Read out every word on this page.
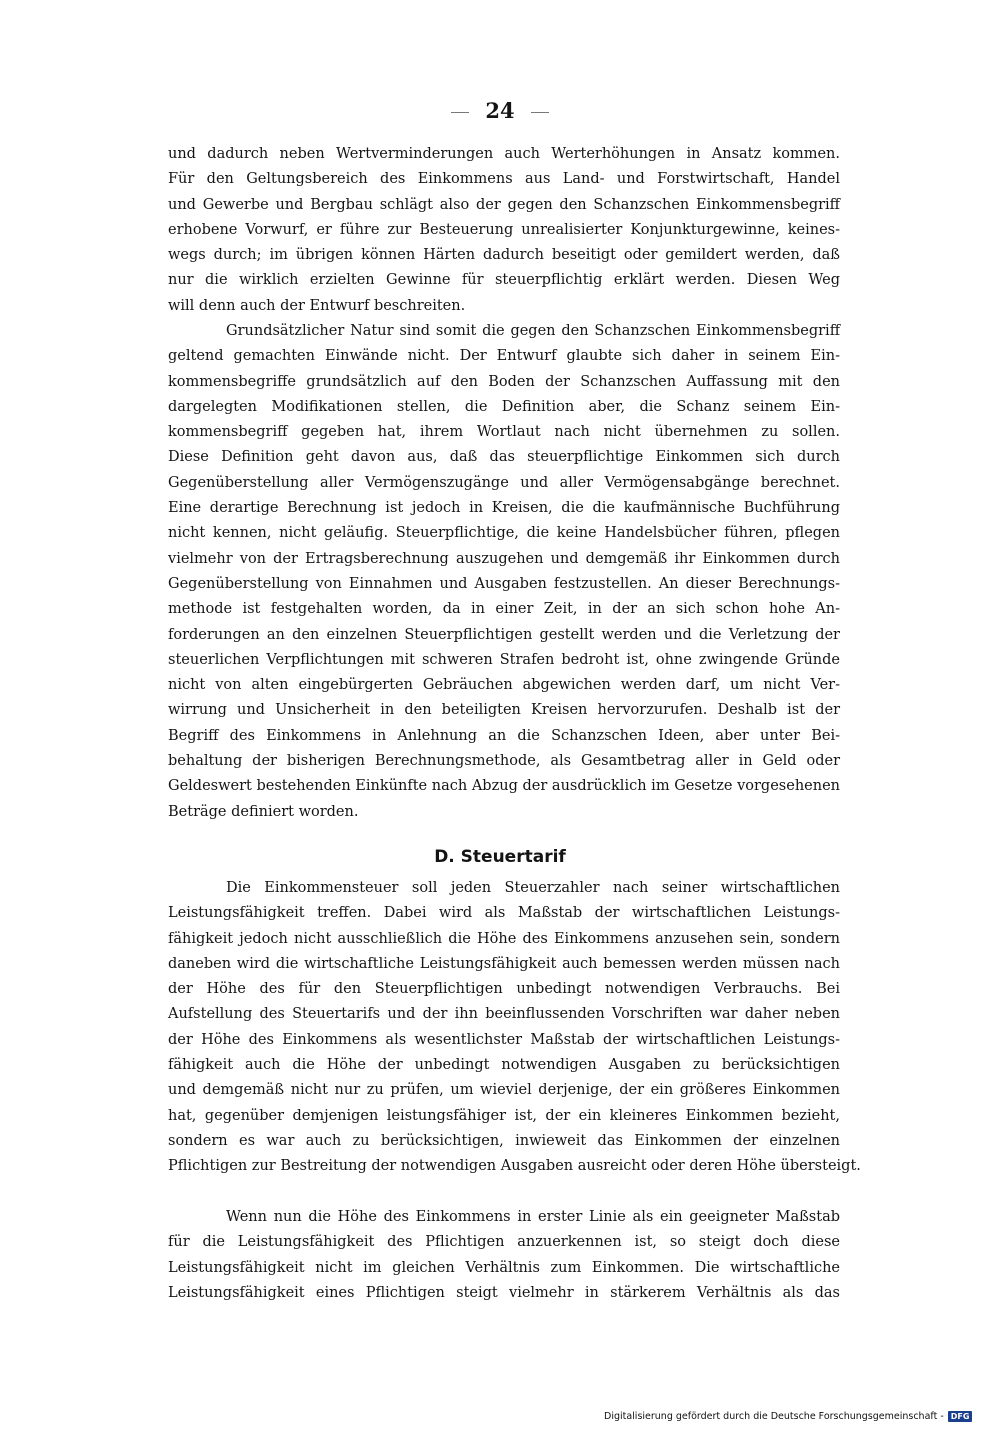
24
und dadurch neben Wertverminderungen auch Werterhöhungen in Ansatz kommen.
Für den Geltungsbereich des Einkommens aus Land- und Forstwirtschaft, Handel
und Gewerbe und Bergbau schlägt also der gegen den Schanzschen Einkommensbegriff
erhobene Vorwurf, er führe zur Besteuerung unrealisierter Konjunkturgewinne, keines-
wegs durch; im übrigen können Härten dadurch beseitigt oder gemildert werden, daß
nur die wirklich erzielten Gewinne für steuerpflichtig erklärt werden. Diesen Weg
will denn auch der Entwurf beschreiten.
Grundsätzlicher Natur sind somit die gegen den Schanzschen Einkommensbegriff
geltend gemachten Einwände nicht. Der Entwurf glaubte sich daher in seinem Ein-
kommensbegriffe grundsätzlich auf den Boden der Schanzschen Auffassung mit den
dargelegten Modifikationen stellen, die Definition aber, die Schanz seinem Ein-
kommensbegriff gegeben hat, ihrem Wortlaut nach nicht übernehmen zu sollen.
Diese Definition geht davon aus, daß das steuerpflichtige Einkommen sich durch
Gegenüberstellung aller Vermögenszugänge und aller Vermögensabgänge berechnet.
Eine derartige Berechnung ist jedoch in Kreisen, die die kaufmännische Buchführung
nicht kennen, nicht geläufig. Steuerpflichtige, die keine Handelsbücher führen, pflegen
vielmehr von der Ertragsberechnung auszugehen und demgemäß ihr Einkommen durch
Gegenüberstellung von Einnahmen und Ausgaben festzustellen. An dieser Berechnungs-
methode ist festgehalten worden, da in einer Zeit, in der an sich schon hohe An-
forderungen an den einzelnen Steuerpflichtigen gestellt werden und die Verletzung der
steuerlichen Verpflichtungen mit schweren Strafen bedroht ist, ohne zwingende Gründe
nicht von alten eingebürgerten Gebräuchen abgewichen werden darf, um nicht Ver-
wirrung und Unsicherheit in den beteiligten Kreisen hervorzurufen. Deshalb ist der
Begriff des Einkommens in Anlehnung an die Schanzschen Ideen, aber unter Bei-
behaltung der bisherigen Berechnungsmethode, als Gesamtbetrag aller in Geld oder
Geldeswert bestehenden Einkünfte nach Abzug der ausdrücklich im Gesetze vorgesehenen
Beträge definiert worden.
D. Steuertarif
Die Einkommensteuer soll jeden Steuerzahler nach seiner wirtschaftlichen
Leistungsfähigkeit treffen. Dabei wird als Maßstab der wirtschaftlichen Leistungs-
fähigkeit jedoch nicht ausschließlich die Höhe des Einkommens anzusehen sein, sondern
daneben wird die wirtschaftliche Leistungsfähigkeit auch bemessen werden müssen nach
der Höhe des für den Steuerpflichtigen unbedingt notwendigen Verbrauchs. Bei
Aufstellung des Steuertarifs und der ihn beeinflussenden Vorschriften war daher neben
der Höhe des Einkommens als wesentlichster Maßstab der wirtschaftlichen Leistungs-
fähigkeit auch die Höhe der unbedingt notwendigen Ausgaben zu berücksichtigen
und demgemäß nicht nur zu prüfen, um wieviel derjenige, der ein größeres Einkommen
hat, gegenüber demjenigen leistungsfähiger ist, der ein kleineres Einkommen bezieht,
sondern es war auch zu berücksichtigen, inwieweit das Einkommen der einzelnen
Pflichtigen zur Bestreitung der notwendigen Ausgaben ausreicht oder deren Höhe übersteigt.
Wenn nun die Höhe des Einkommens in erster Linie als ein geeigneter Maßstab
für die Leistungsfähigkeit des Pflichtigen anzuerkennen ist, so steigt doch diese
Leistungsfähigkeit nicht im gleichen Verhältnis zum Einkommen. Die wirtschaftliche
Leistungsfähigkeit eines Pflichtigen steigt vielmehr in stärkerem Verhältnis als das
Digitalisierung gefördert durch die Deutsche Forschungsgemeinschaft - DFG
